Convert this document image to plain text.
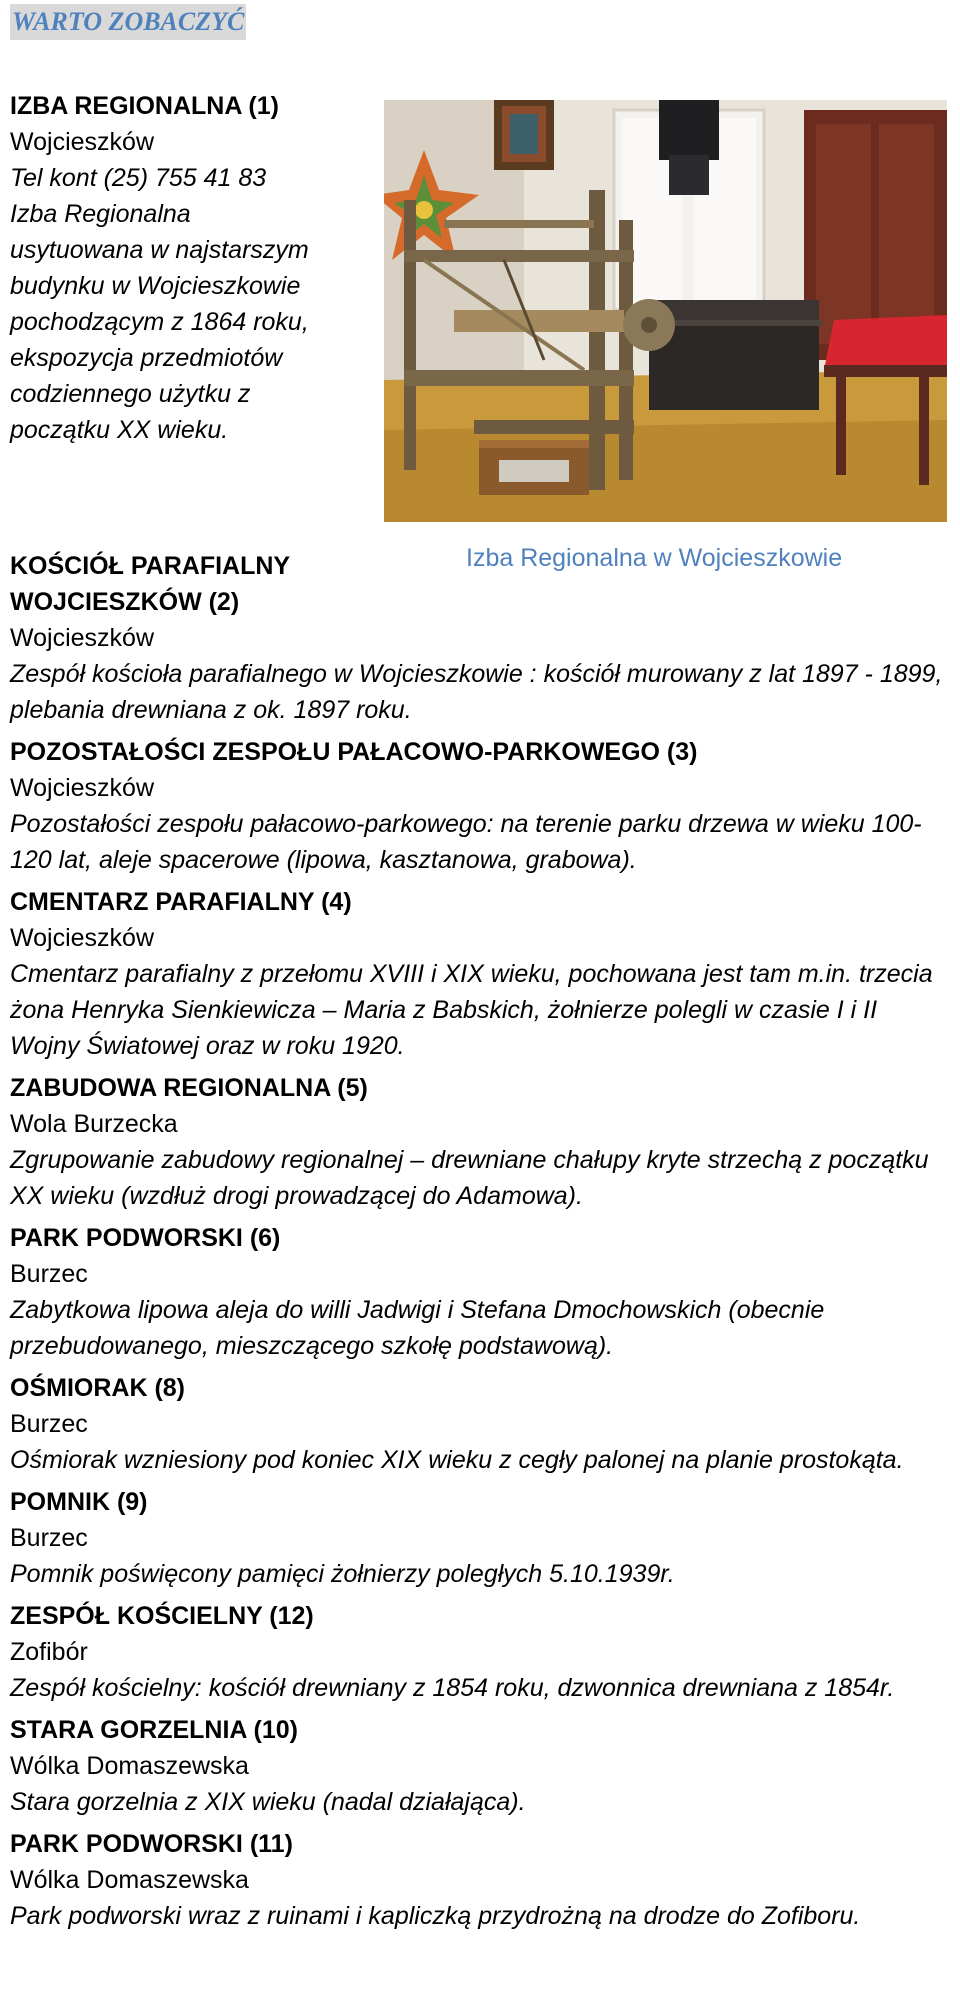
WARTO ZOBACZYĆ

IZBA REGIONALNA (1)

Wojcieszków

Tel kont (25) 755 41 83

Izba Regionalna

usytuowana w najstarszym

budynku w Wojcieszkowie

pochodzącym z 1864 roku,

ekspozycja przedmiotów

codziennego użytku z

początku XX wieku.

Izba Regionalna w Wojcieszkowie

KOŚCIÓŁ PARAFIALNY

WOJCIESZKÓW (2)

Wojcieszków

Zespół kościoła parafialnego w Wojcieszkowie : kościół murowany z lat 1897 - 1899, plebania drewniana z ok. 1897 roku.

POZOSTAŁOŚCI ZESPOŁU PAŁACOWO-PARKOWEGO (3)

Wojcieszków

Pozostałości zespołu pałacowo-parkowego: na terenie parku drzewa w wieku 100-120 lat, aleje spacerowe (lipowa, kasztanowa, grabowa).

CMENTARZ PARAFIALNY (4)

Wojcieszków

Cmentarz parafialny z przełomu XVIII i XIX wieku, pochowana jest tam m.in. trzecia żona Henryka Sienkiewicza – Maria z Babskich, żołnierze polegli w czasie I i II Wojny Światowej oraz w roku 1920.

ZABUDOWA REGIONALNA (5)

Wola Burzecka

Zgrupowanie zabudowy regionalnej – drewniane chałupy kryte strzechą z początku XX wieku (wzdłuż drogi prowadzącej do Adamowa).

PARK PODWORSKI (6)

Burzec

Zabytkowa lipowa aleja do willi Jadwigi i Stefana Dmochowskich (obecnie przebudowanego, mieszczącego szkołę podstawową).

OŚMIORAK (8)

Burzec

Ośmiorak wzniesiony pod koniec XIX wieku z cegły palonej na planie prostokąta.

POMNIK (9)

Burzec

Pomnik poświęcony pamięci żołnierzy poległych 5.10.1939r.

ZESPÓŁ KOŚCIELNY (12)

Zofibór

Zespół kościelny: kościół drewniany z 1854 roku, dzwonnica drewniana z 1854r.

STARA GORZELNIA (10)

Wólka Domaszewska

Stara gorzelnia z XIX wieku (nadal działająca).

PARK PODWORSKI (11)

Wólka Domaszewska

Park podworski wraz z ruinami i kapliczką przydrożną na drodze do Zofiboru.
